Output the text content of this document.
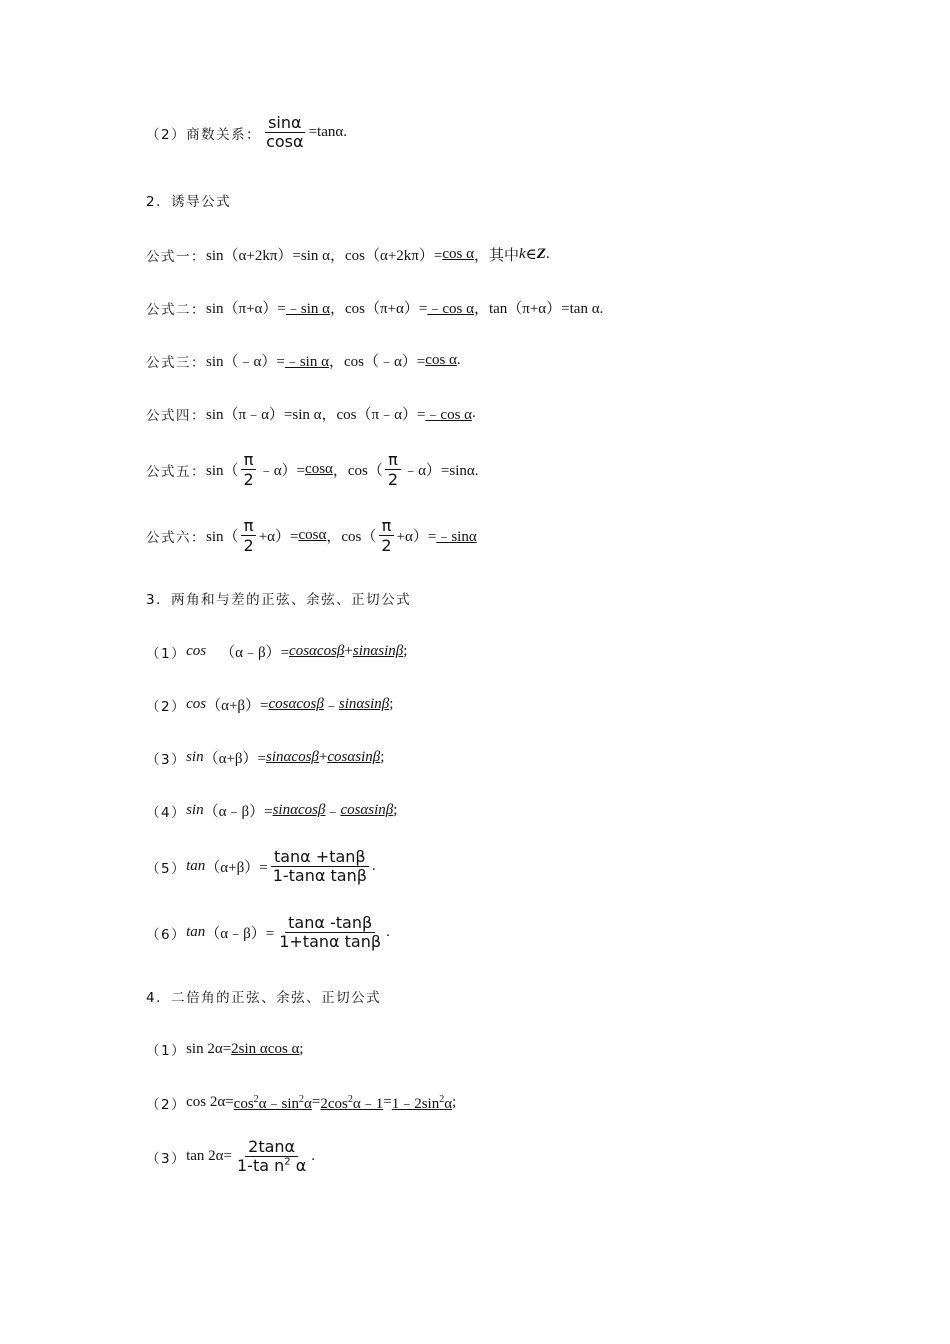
（2）商数关系： $\frac{\sin\alpha}{\cos\alpha} =\tan\alpha$.
2．诱导公式
公式一： sin（α+2kπ）=sin α，cos（α+2kπ）= cos α ，其中 k ∈ Z .
公式二： sin（π+α）= ﹣sin α ，cos（π+α）= ﹣cos α ，tan（π+α）=tan α.
公式三： sin（﹣α）= ﹣sin α ，cos（﹣α）= cos α .
公式四： sin（π﹣α）=sin α，cos（π﹣α）= ﹣cos α .
公式五： $\sin( \frac{\pi}{2}$ ﹣α）= cosα ，$\cos( \frac{\pi}{2}$ ﹣α）=sinα.
公式六： $\sin( \frac{\pi}{2} +\alpha)= \cos\alpha$ ，$\cos( \frac{\pi}{2} +\alpha)=$ ﹣sinα
3．两角和与差的正弦、余弦、正切公式
（1） cos （α﹣β）= cosαcosβ + sinαsinβ ;
（2） cos （α+β）= cosαcosβ ﹣ sinαsinβ ;
（3） sin （α+β）= sinαcosβ + cosαsinβ ;
（4） sin （α﹣β）= sinαcosβ ﹣ cosαsinβ ;
（5） $\tan (\alpha+\beta)= \frac{\tan\alpha +\tan\beta}{\text{1-tanα tanβ}}$ .
（6） tan （α﹣β）= $\frac{\tan\alpha -\tan\beta}{\text{1+tanα tanβ}}$ .
4．二倍角的正弦、余弦、正切公式
（1） sin 2α= 2sin αcos α ;
（2） $\cos 2\alpha= \cos^2\alpha﹣\sin^2\alpha$ = $2\cos^2\alpha﹣1$ = $1﹣2\sin^2\alpha$ ;
（3） $\tan 2\alpha= \frac{2\tan\alpha}{1-ta n^2 \alpha}$ .
